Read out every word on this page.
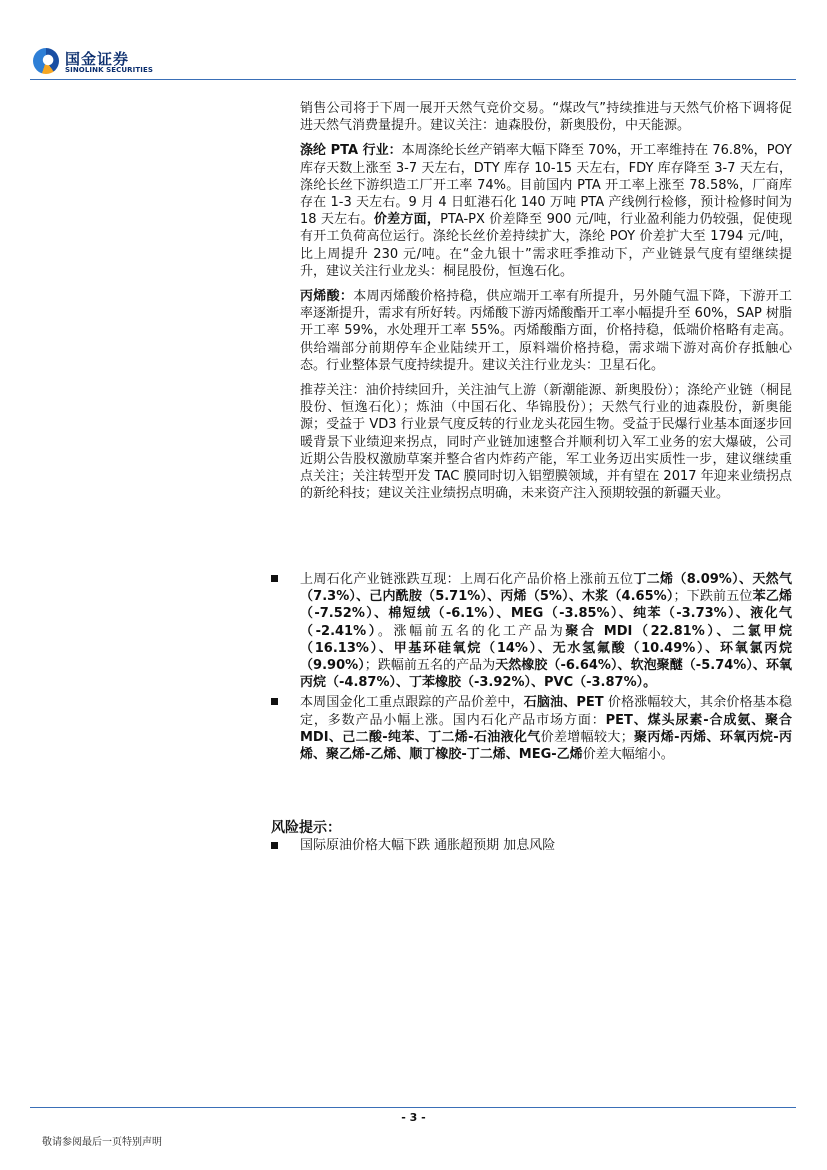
国金证券
SINOLINK SECURITIES
销售公司将于下周一展开天然气竞价交易。“煤改气”持续推进与天然气价格下调将促进天然气消费量提升。建议关注：迪森股份，新奥股份，中天能源。
涤纶 PTA 行业：本周涤纶长丝产销率大幅下降至 70%，开工率维持在 76.8%，POY 库存天数上涨至 3-7 天左右，DTY 库存 10-15 天左右，FDY 库存降至 3-7 天左右，涤纶长丝下游织造工厂开工率 74%。目前国内 PTA 开工率上涨至 78.58%，厂商库存在 1-3 天左右。9 月 4 日虹港石化 140 万吨 PTA 产线例行检修，预计检修时间为 18 天左右。价差方面，PTA-PX 价差降至 900 元/吨，行业盈利能力仍较强，促使现有开工负荷高位运行。涤纶长丝价差持续扩大，涤纶 POY 价差扩大至 1794 元/吨，比上周提升 230 元/吨。在“金九银十”需求旺季推动下，产业链景气度有望继续提升，建议关注行业龙头：桐昆股份，恒逸石化。
丙烯酸：本周丙烯酸价格持稳，供应端开工率有所提升，另外随气温下降，下游开工率逐渐提升，需求有所好转。丙烯酸下游丙烯酸酯开工率小幅提升至 60%，SAP 树脂开工率 59%，水处理开工率 55%。丙烯酸酯方面，价格持稳，低端价格略有走高。供给端部分前期停车企业陆续开工，原料端价格持稳，需求端下游对高价存抵触心态。行业整体景气度持续提升。建议关注行业龙头：卫星石化。
推荐关注：油价持续回升，关注油气上游（新潮能源、新奥股份）；涤纶产业链（桐昆股份、恒逸石化）；炼油（中国石化、华锦股份）；天然气行业的迪森股份，新奥能源；受益于 VD3 行业景气度反转的行业龙头花园生物。受益于民爆行业基本面逐步回暖背景下业绩迎来拐点，同时产业链加速整合并顺利切入军工业务的宏大爆破，公司近期公告股权激励草案并整合省内炸药产能，军工业务迈出实质性一步，建议继续重点关注；关注转型开发 TAC 膜同时切入铝塑膜领域，并有望在 2017 年迎来业绩拐点的新纶科技；建议关注业绩拐点明确，未来资产注入预期较强的新疆天业。
上周石化产业链涨跌互现：上周石化产品价格上涨前五位丁二烯（8.09%）、天然气（7.3%）、己内酰胺（5.71%）、丙烯（5%）、木浆（4.65%）；下跌前五位苯乙烯（-7.52%）、棉短绒（-6.1%）、MEG（-3.85%）、纯苯（-3.73%）、液化气（-2.41%）。涨幅前五名的化工产品为聚合 MDI（22.81%）、二氯甲烷（16.13%）、甲基环硅氧烷（14%）、无水氢氟酸（10.49%）、环氧氯丙烷（9.90%）；跌幅前五名的产品为天然橡胶（-6.64%）、软泡聚醚（-5.74%）、环氧丙烷（-4.87%）、丁苯橡胶（-3.92%）、PVC（-3.87%）。
本周国金化工重点跟踪的产品价差中，石脑油、PET 价格涨幅较大，其余价格基本稳定，多数产品小幅上涨。国内石化产品市场方面：PET、煤头尿素-合成氨、聚合 MDI、己二酸-纯苯、丁二烯-石油液化气价差增幅较大；聚丙烯-丙烯、环氧丙烷-丙烯、聚乙烯-乙烯、顺丁橡胶-丁二烯、MEG-乙烯价差大幅缩小。
风险提示：
国际原油价格大幅下跌 通胀超预期 加息风险
- 3 -
敬请参阅最后一页特别声明
